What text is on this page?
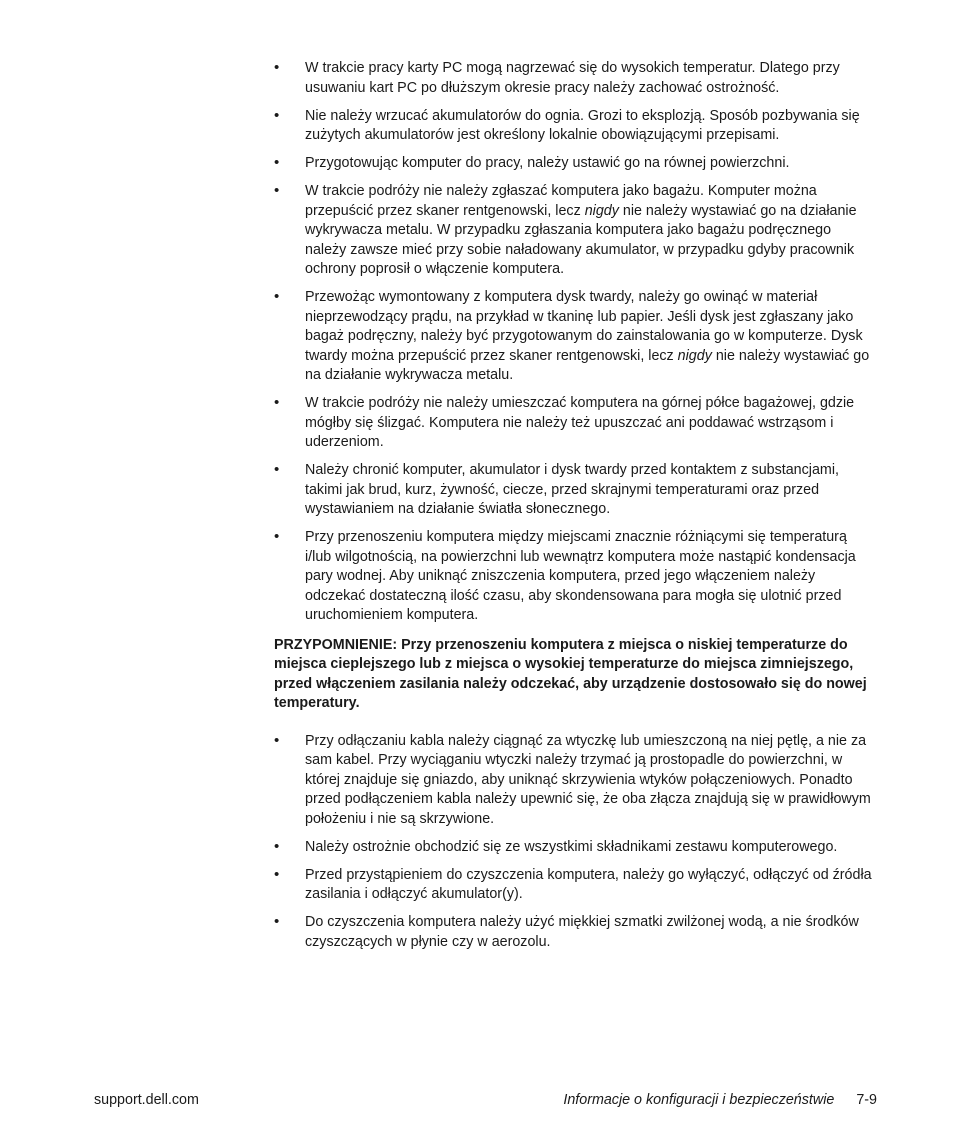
• W trakcie pracy karty PC mogą nagrzewać się do wysokich temperatur. Dlatego przy usuwaniu kart PC po dłuższym okresie pracy należy zachować ostrożność.
• Nie należy wrzucać akumulatorów do ognia. Grozi to eksplozją. Sposób pozbywania się zużytych akumulatorów jest określony lokalnie obowiązującymi przepisami.
• Przygotowując komputer do pracy, należy ustawić go na równej powierzchni.
• W trakcie podróży nie należy zgłaszać komputera jako bagażu. Komputer można przepuścić przez skaner rentgenowski, lecz nigdy nie należy wystawiać go na działanie wykrywacza metalu. W przypadku zgłaszania komputera jako bagażu podręcznego należy zawsze mieć przy sobie naładowany akumulator, w przypadku gdyby pracownik ochrony poprosił o włączenie komputera.
• Przewożąc wymontowany z komputera dysk twardy, należy go owinąć w materiał nieprzewodzący prądu, na przykład w tkaninę lub papier. Jeśli dysk jest zgłaszany jako bagaż podręczny, należy być przygotowanym do zainstalowania go w komputerze. Dysk twardy można przepuścić przez skaner rentgenowski, lecz nigdy nie należy wystawiać go na działanie wykrywacza metalu.
• W trakcie podróży nie należy umieszczać komputera na górnej półce bagażowej, gdzie mógłby się ślizgać. Komputera nie należy też upuszczać ani poddawać wstrząsom i uderzeniom.
• Należy chronić komputer, akumulator i dysk twardy przed kontaktem z substancjami, takimi jak brud, kurz, żywność, ciecze, przed skrajnymi temperaturami oraz przed wystawianiem na działanie światła słonecznego.
• Przy przenoszeniu komputera między miejscami znacznie różniącymi się temperaturą i/lub wilgotnością, na powierzchni lub wewnątrz komputera może nastąpić kondensacja pary wodnej. Aby uniknąć zniszczenia komputera, przed jego włączeniem należy odczekać dostateczną ilość czasu, aby skondensowana para mogła się ulotnić przed uruchomieniem komputera.

PRZYPOMNIENIE: Przy przenoszeniu komputera z miejsca o niskiej temperaturze do miejsca cieplejszego lub z miejsca o wysokiej temperaturze do miejsca zimniejszego, przed włączeniem zasilania należy odczekać, aby urządzenie dostosowało się do nowej temperatury.

• Przy odłączaniu kabla należy ciągnąć za wtyczkę lub umieszczoną na niej pętlę, a nie za sam kabel. Przy wyciąganiu wtyczki należy trzymać ją prostopadle do powierzchni, w której znajduje się gniazdo, aby uniknąć skrzywienia wtyków połączeniowych. Ponadto przed podłączeniem kabla należy upewnić się, że oba złącza znajdują się w prawidłowym położeniu i nie są skrzywione.
• Należy ostrożnie obchodzić się ze wszystkimi składnikami zestawu komputerowego.
• Przed przystąpieniem do czyszczenia komputera, należy go wyłączyć, odłączyć od źródła zasilania i odłączyć akumulator(y).
• Do czyszczenia komputera należy użyć miękkiej szmatki zwilżonej wodą, a nie środków czyszczących w płynie czy w aerozolu.
support.dell.com	Informacje o konfiguracji i bezpieczeństwie 7-9
